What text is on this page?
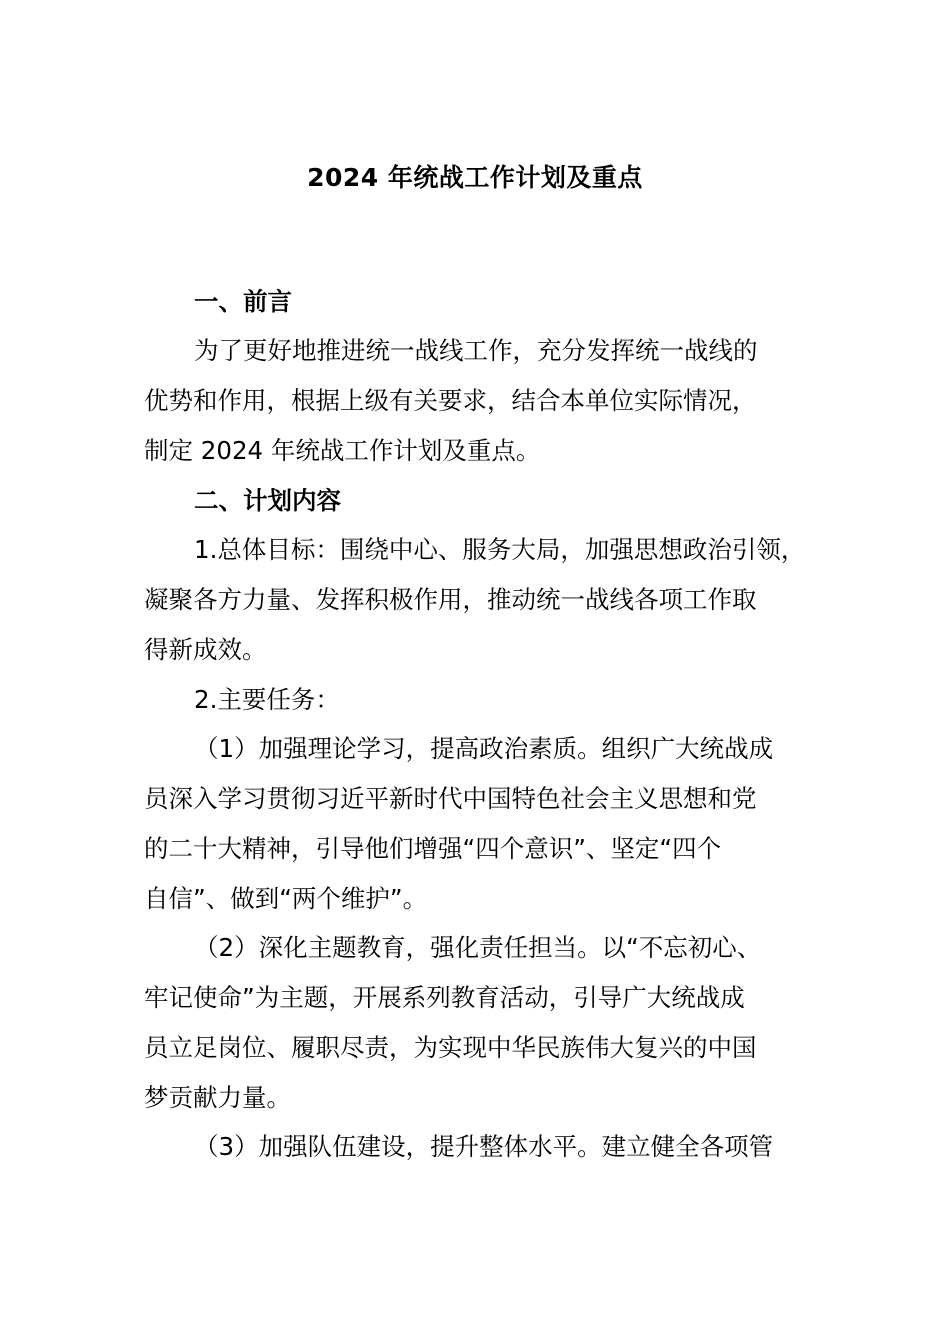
2024 年统战工作计划及重点
一、前言
为了更好地推进统一战线工作，充分发挥统一战线的
优势和作用，根据上级有关要求，结合本单位实际情况，
制定 2024 年统战工作计划及重点。
二、计划内容
1.总体目标：围绕中心、服务大局，加强思想政治引领，
凝聚各方力量、发挥积极作用，推动统一战线各项工作取
得新成效。
2.主要任务：
（1）加强理论学习，提高政治素质。组织广大统战成
员深入学习贯彻习近平新时代中国特色社会主义思想和党
的二十大精神，引导他们增强“四个意识”、坚定“四个
自信”、做到“两个维护”。
（2）深化主题教育，强化责任担当。以“不忘初心、
牢记使命”为主题，开展系列教育活动，引导广大统战成
员立足岗位、履职尽责，为实现中华民族伟大复兴的中国
梦贡献力量。
（3）加强队伍建设，提升整体水平。建立健全各项管
